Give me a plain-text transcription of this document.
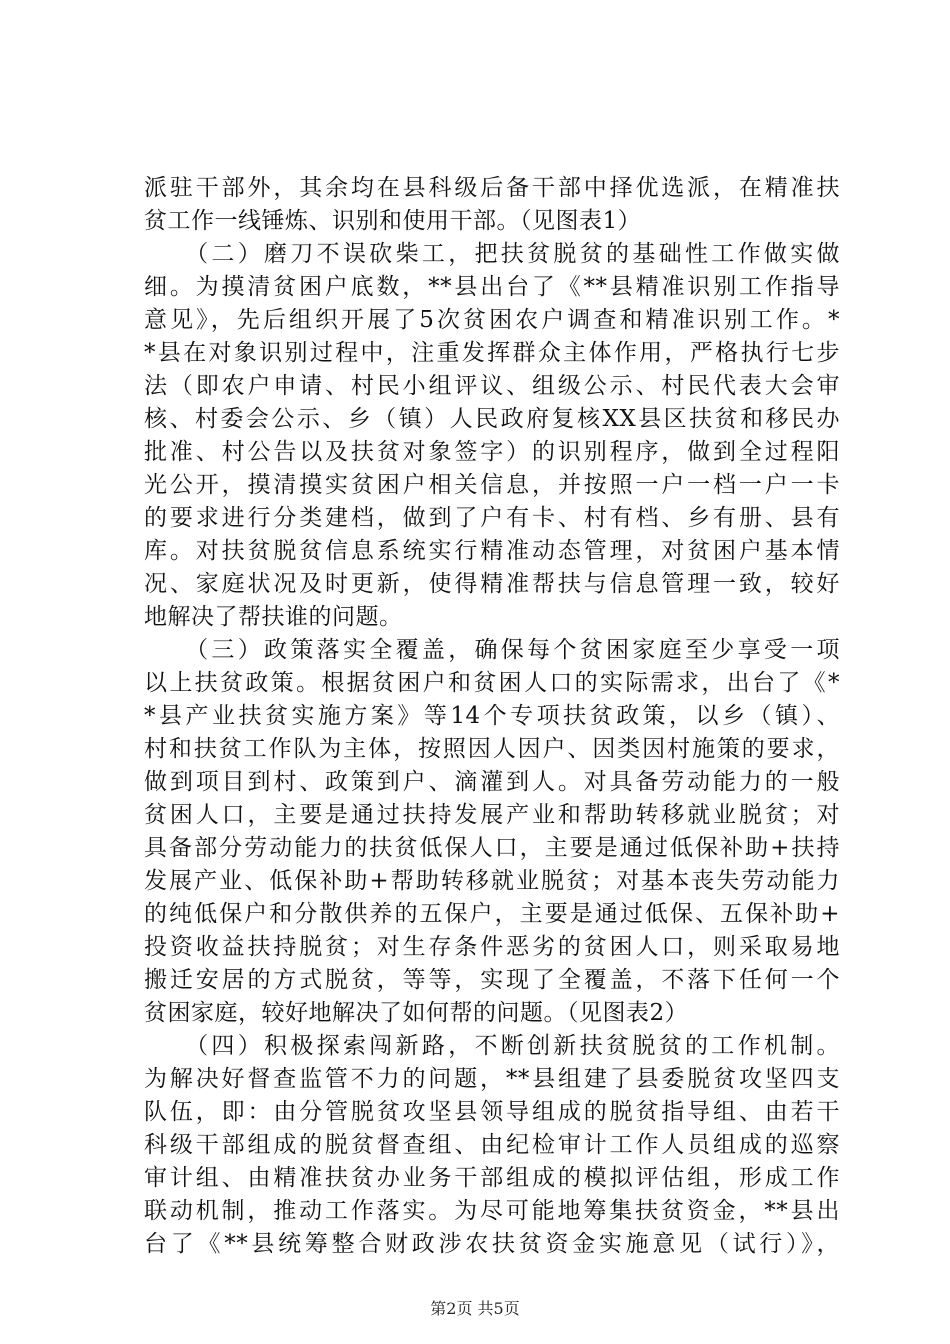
派驻干部外，其余均在县科级后备干部中择优选派，在精准扶
贫工作一线锤炼、识别和使用干部。（见图表1）
　　（二）磨刀不误砍柴工，把扶贫脱贫的基础性工作做实做
细。为摸清贫困户底数，**县出台了《**县精准识别工作指导
意见》，先后组织开展了5次贫困农户调查和精准识别工作。*
*县在对象识别过程中，注重发挥群众主体作用，严格执行七步
法（即农户申请、村民小组评议、组级公示、村民代表大会审
核、村委会公示、乡（镇）人民政府复核XX县区扶贫和移民办
批准、村公告以及扶贫对象签字）的识别程序，做到全过程阳
光公开，摸清摸实贫困户相关信息，并按照一户一档一户一卡
的要求进行分类建档，做到了户有卡、村有档、乡有册、县有
库。对扶贫脱贫信息系统实行精准动态管理，对贫困户基本情
况、家庭状况及时更新，使得精准帮扶与信息管理一致，较好
地解决了帮扶谁的问题。
　　（三）政策落实全覆盖，确保每个贫困家庭至少享受一项
以上扶贫政策。根据贫困户和贫困人口的实际需求，出台了《*
*县产业扶贫实施方案》等14个专项扶贫政策，以乡（镇）、
村和扶贫工作队为主体，按照因人因户、因类因村施策的要求，
做到项目到村、政策到户、滴灌到人。对具备劳动能力的一般
贫困人口，主要是通过扶持发展产业和帮助转移就业脱贫；对
具备部分劳动能力的扶贫低保人口，主要是通过低保补助+扶持
发展产业、低保补助+帮助转移就业脱贫；对基本丧失劳动能力
的纯低保户和分散供养的五保户，主要是通过低保、五保补助+
投资收益扶持脱贫；对生存条件恶劣的贫困人口，则采取易地
搬迁安居的方式脱贫，等等，实现了全覆盖，不落下任何一个
贫困家庭，较好地解决了如何帮的问题。（见图表2）
　　（四）积极探索闯新路，不断创新扶贫脱贫的工作机制。
为解决好督查监管不力的问题，**县组建了县委脱贫攻坚四支
队伍，即：由分管脱贫攻坚县领导组成的脱贫指导组、由若干
科级干部组成的脱贫督查组、由纪检审计工作人员组成的巡察
审计组、由精准扶贫办业务干部组成的模拟评估组，形成工作
联动机制，推动工作落实。为尽可能地筹集扶贫资金，**县出
台了《**县统筹整合财政涉农扶贫资金实施意见（试行）》，
第2页 共5页
